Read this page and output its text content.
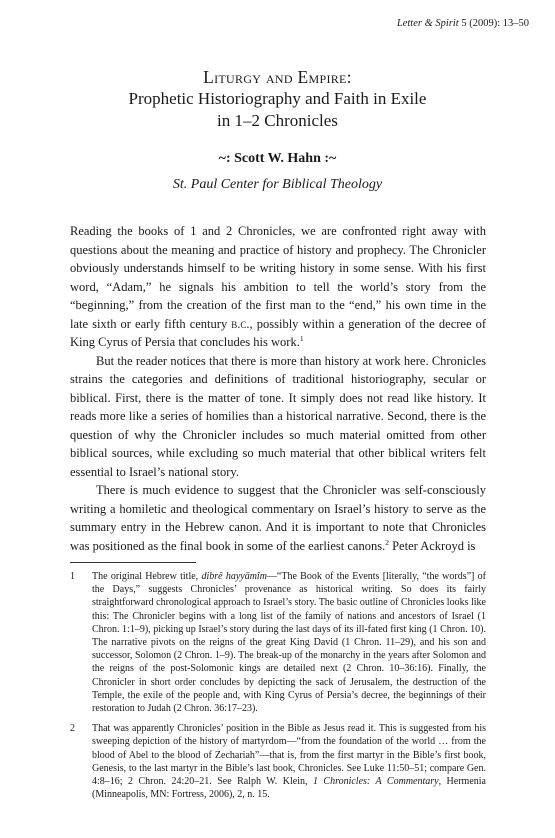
Letter & Spirit 5 (2009): 13–50
Liturgy and Empire:
Prophetic Historiography and Faith in Exile
in 1–2 Chronicles
~: Scott W. Hahn :~
St. Paul Center for Biblical Theology

Reading the books of 1 and 2 Chronicles, we are confronted right away with questions about the meaning and practice of history and prophecy. The Chronicler obviously understands himself to be writing history in some sense. With his first word, “Adam,” he signals his ambition to tell the world’s story from the “beginning,” from the creation of the first man to the “end,” his own time in the late sixth or early fifth century b.c., possibly within a generation of the decree of King Cyrus of Persia that concludes his work.$^1$

But the reader notices that there is more than history at work here. Chronicles strains the categories and definitions of traditional historiography, secular or biblical. First, there is the matter of tone. It simply does not read like history. It reads more like a series of homilies than a historical narrative. Second, there is the question of why the Chronicler includes so much material omitted from other biblical sources, while excluding so much material that other biblical writers felt essential to Israel’s national story.

There is much evidence to suggest that the Chronicler was self-consciously writing a homiletic and theological commentary on Israel’s history to serve as the summary entry in the Hebrew canon. And it is important to note that Chronicles was positioned as the final book in some of the earliest canons.$^2$ Peter Ackroyd is

1 The original Hebrew title, dibrê hayyāmîm—“The Book of the Events [literally, “the words”] of the Days,” suggests Chronicles’ provenance as historical writing. So does its fairly straightforward chronological approach to Israel’s story. The basic outline of Chronicles looks like this: The Chronicler begins with a long list of the family of nations and ancestors of Israel (1 Chron. 1:1–9), picking up Israel’s story during the last days of its ill-fated first king (1 Chron. 10). The narrative pivots on the reigns of the great King David (1 Chron. 11–29), and his son and successor, Solomon (2 Chron. 1–9). The break-up of the monarchy in the years after Solomon and the reigns of the post-Solomonic kings are detailed next (2 Chron. 10–36:16). Finally, the Chronicler in short order concludes by depicting the sack of Jerusalem, the destruction of the Temple, the exile of the people and, with King Cyrus of Persia’s decree, the beginnings of their restoration to Judah (2 Chron. 36:17–23).
2 That was apparently Chronicles’ position in the Bible as Jesus read it. This is suggested from his sweeping depiction of the history of martyrdom—“from the foundation of the world … from the blood of Abel to the blood of Zechariah”—that is, from the first martyr in the Bible’s first book, Genesis, to the last martyr in the Bible’s last book, Chronicles. See Luke 11:50–51; compare Gen. 4:8–16; 2 Chron. 24:20–21. See Ralph W. Klein, 1 Chronicles: A Commentary, Hermenia (Minneapolis, MN: Fortress, 2006), 2, n. 15.
